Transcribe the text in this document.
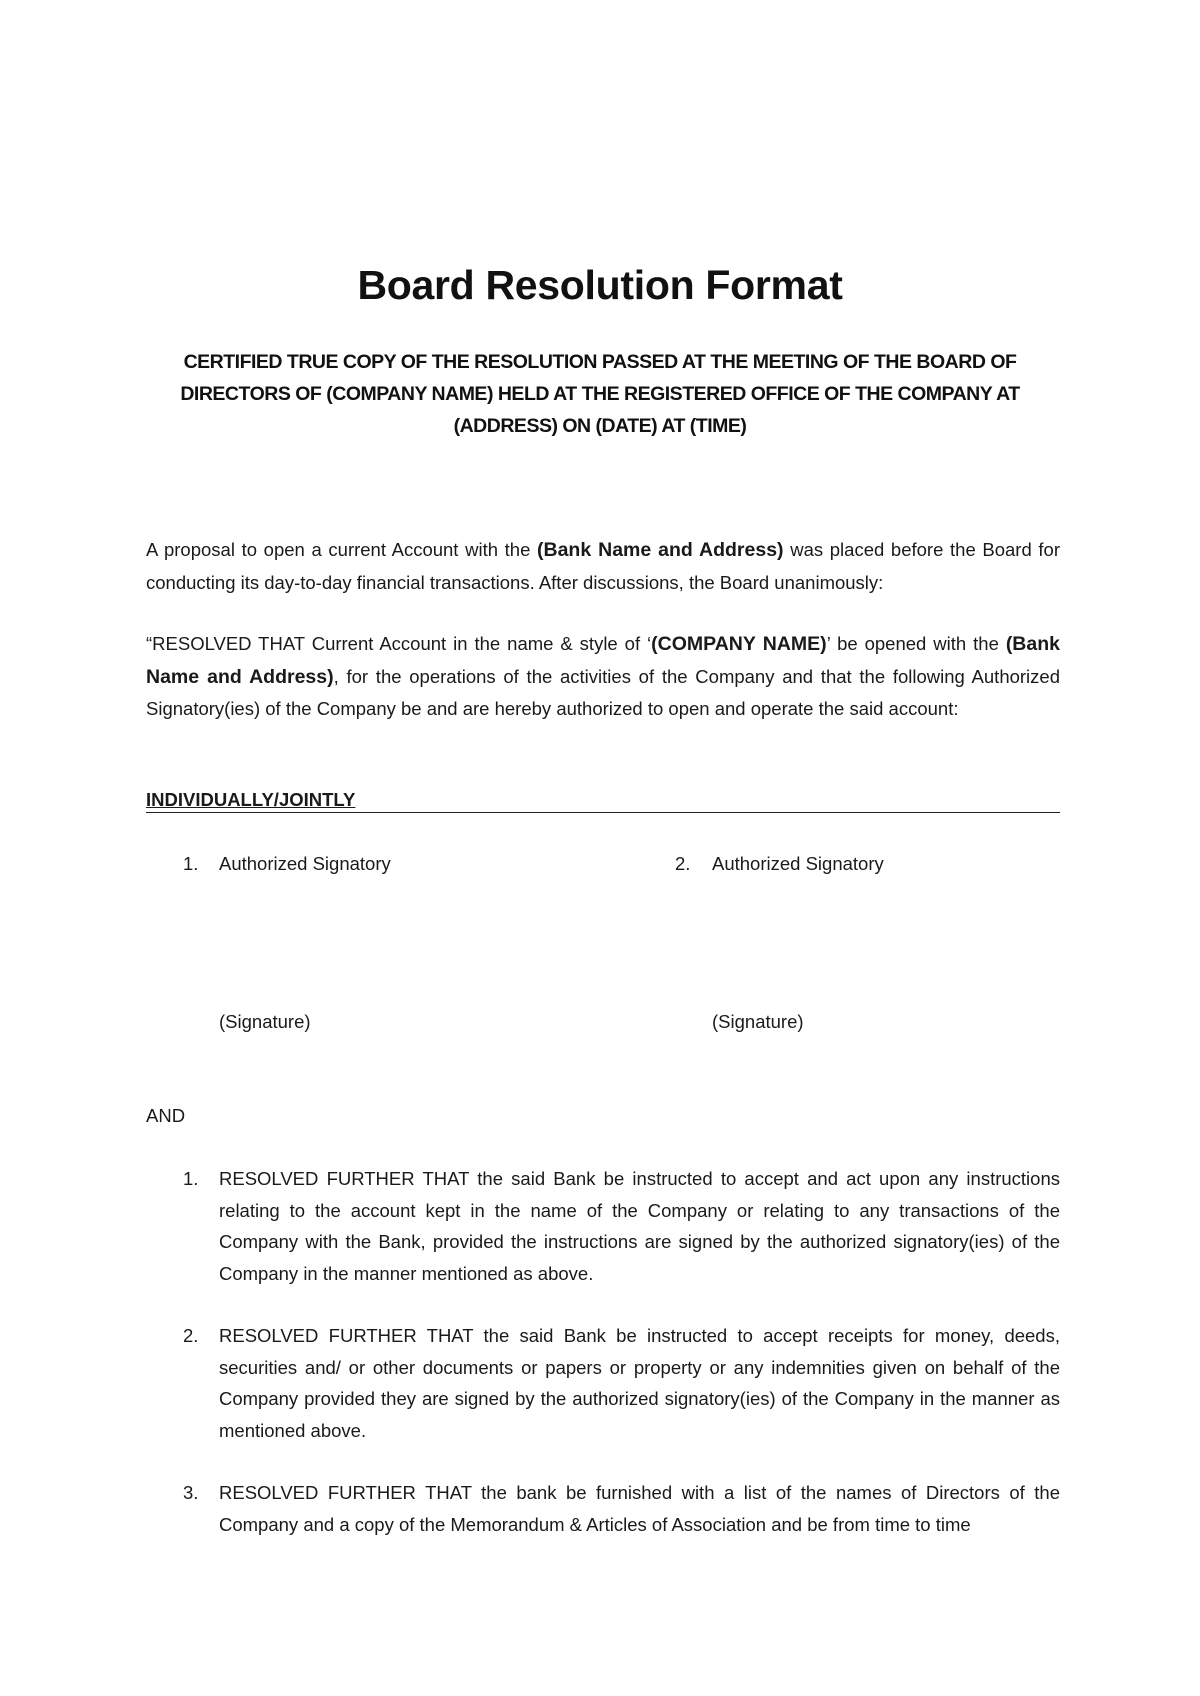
Board Resolution Format
CERTIFIED TRUE COPY OF THE RESOLUTION PASSED AT THE MEETING OF THE BOARD OF DIRECTORS OF (COMPANY NAME) HELD AT THE REGISTERED OFFICE OF THE COMPANY AT (ADDRESS) ON (DATE) AT (TIME)
A proposal to open a current Account with the (Bank Name and Address) was placed before the Board for conducting its day-to-day financial transactions. After discussions, the Board unanimously:
“RESOLVED THAT Current Account in the name & style of ‘(COMPANY NAME)’ be opened with the (Bank Name and Address), for the operations of the activities of the Company and that the following Authorized Signatory(ies) of the Company be and are hereby authorized to open and operate the said account:
INDIVIDUALLY/JOINTLY
1. Authorized Signatory	2. Authorized Signatory
(Signature)	(Signature)
AND
1. RESOLVED FURTHER THAT the said Bank be instructed to accept and act upon any instructions relating to the account kept in the name of the Company or relating to any transactions of the Company with the Bank, provided the instructions are signed by the authorized signatory(ies) of the Company in the manner mentioned as above.
2. RESOLVED FURTHER THAT the said Bank be instructed to accept receipts for money, deeds, securities and/ or other documents or papers or property or any indemnities given on behalf of the Company provided they are signed by the authorized signatory(ies) of the Company in the manner as mentioned above.
3. RESOLVED FURTHER THAT the bank be furnished with a list of the names of Directors of the Company and a copy of the Memorandum & Articles of Association and be from time to time
